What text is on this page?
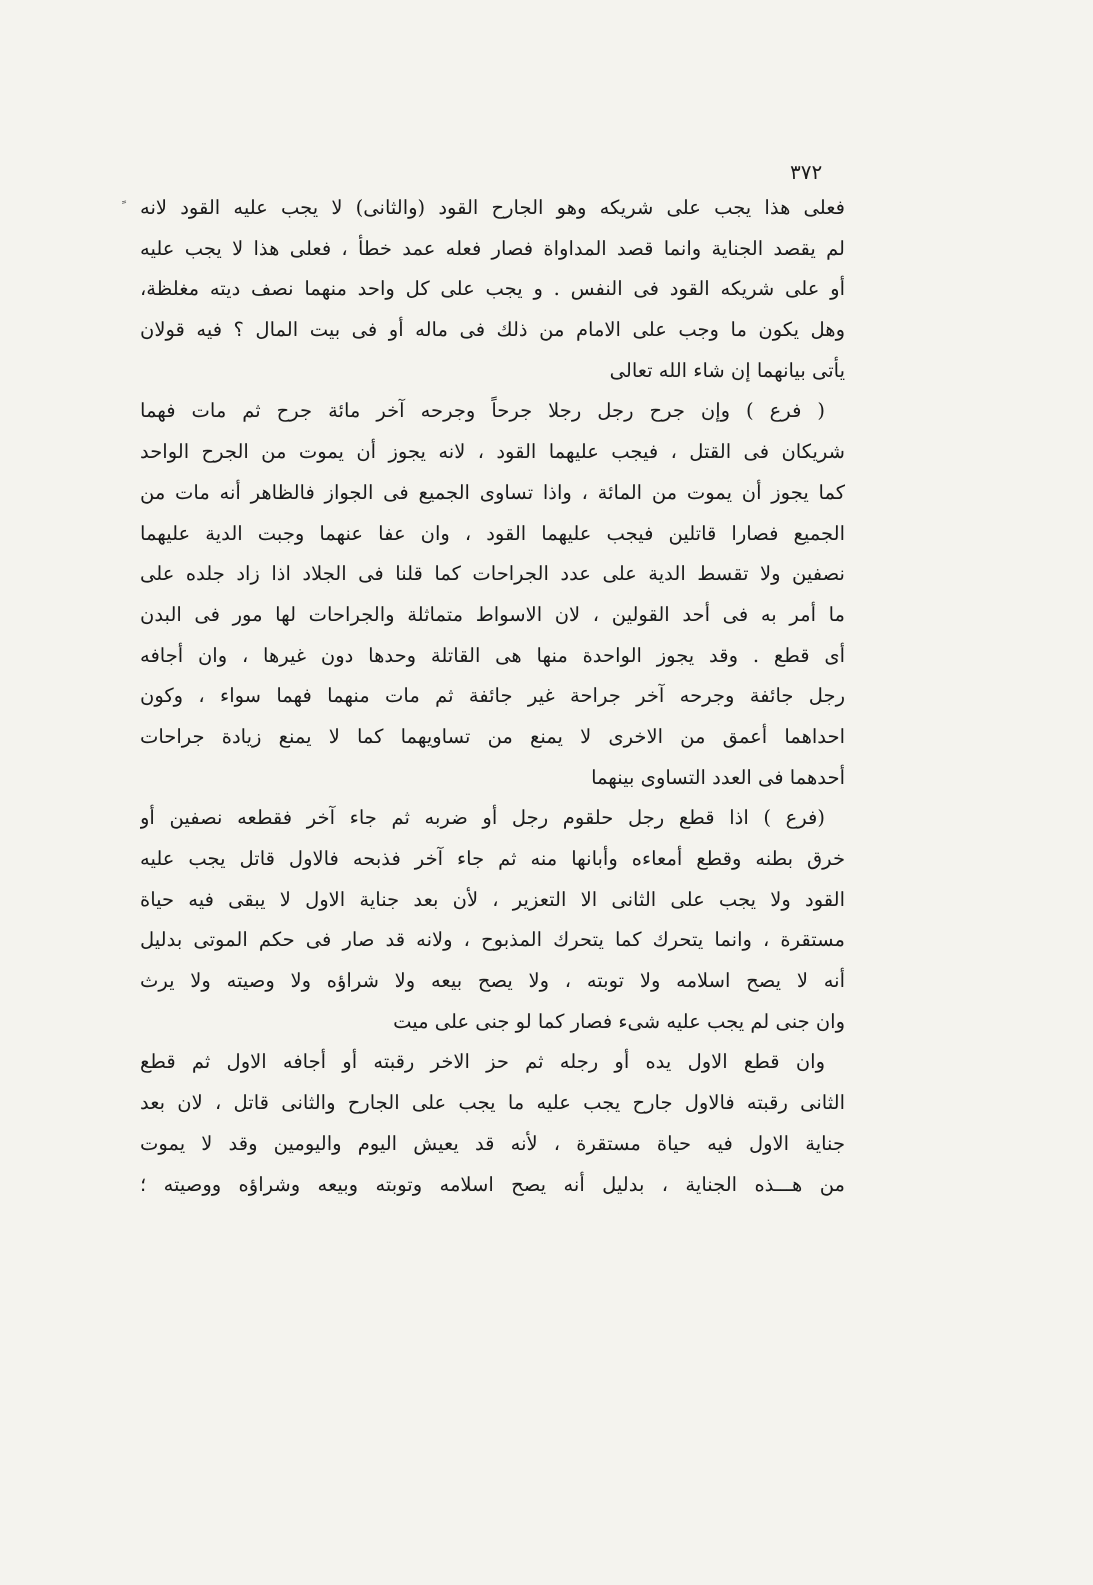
٣٧٢
ﹰ فعلى هذا يجب على شريكه وهو الجارح القود (والثانى) لا يجب عليه القود لانه
لم يقصد الجناية وانما قصد المداواة فصار فعله عمد خطأ ، فعلى هذا لا يجب عليه
أو على شريكه القود فى النفس . و يجب على كل واحد منهما نصف ديته مغلظة،
وهل يكون ما وجب على الامام من ذلك فى ماله أو فى بيت المال ؟ فيه قولان
يأتى بيانهما إن شاء الله تعالى
( فرع ) وإن جرح رجل رجلا جرحاً وجرحه آخر مائة جرح ثم مات فهما
شريكان فى القتل ، فيجب عليهما القود ، لانه يجوز أن يموت من الجرح الواحد
كما يجوز أن يموت من المائة ، واذا تساوى الجميع فى الجواز فالظاهر أنه مات من
الجميع فصارا قاتلين فيجب عليهما القود ، وان عفا عنهما وجبت الدية عليهما
نصفين ولا تقسط الدية على عدد الجراحات كما قلنا فى الجلاد اذا زاد جلده على
ما أمر به فى أحد القولين ، لان الاسواط متماثلة والجراحات لها مور فى البدن
أى قطع . وقد يجوز الواحدة منها هى القاتلة وحدها دون غيرها ، وان أجافه
رجل جائفة وجرحه آخر جراحة غير جائفة ثم مات منهما فهما سواء ، وكون
احداهما أعمق من الاخرى لا يمنع من تساويهما كما لا يمنع زيادة جراحات
أحدهما فى العدد التساوى بينهما
(فرع ) اذا قطع رجل حلقوم رجل أو ضربه ثم جاء آخر فقطعه نصفين أو
خرق بطنه وقطع أمعاءه وأبانها منه ثم جاء آخر فذبحه فالاول قاتل يجب عليه
القود ولا يجب على الثانى الا التعزير ، لأن بعد جناية الاول لا يبقى فيه حياة
مستقرة ، وانما يتحرك كما يتحرك المذبوح ، ولانه قد صار فى حكم الموتى بدليل
أنه لا يصح اسلامه ولا توبته ، ولا يصح بيعه ولا شراؤه ولا وصيته ولا يرث
وان جنى لم يجب عليه شىء فصار كما لو جنى على ميت
وان قطع الاول يده أو رجله ثم حز الاخر رقبته أو أجافه الاول ثم قطع
الثانى رقبته فالاول جارح يجب عليه ما يجب على الجارح والثانى قاتل ، لان بعد
جناية الاول فيه حياة مستقرة ، لأنه قد يعيش اليوم واليومين وقد لا يموت
من هـــذه الجناية ، بدليل أنه يصح اسلامه وتوبته وبيعه وشراؤه ووصيته ؛
